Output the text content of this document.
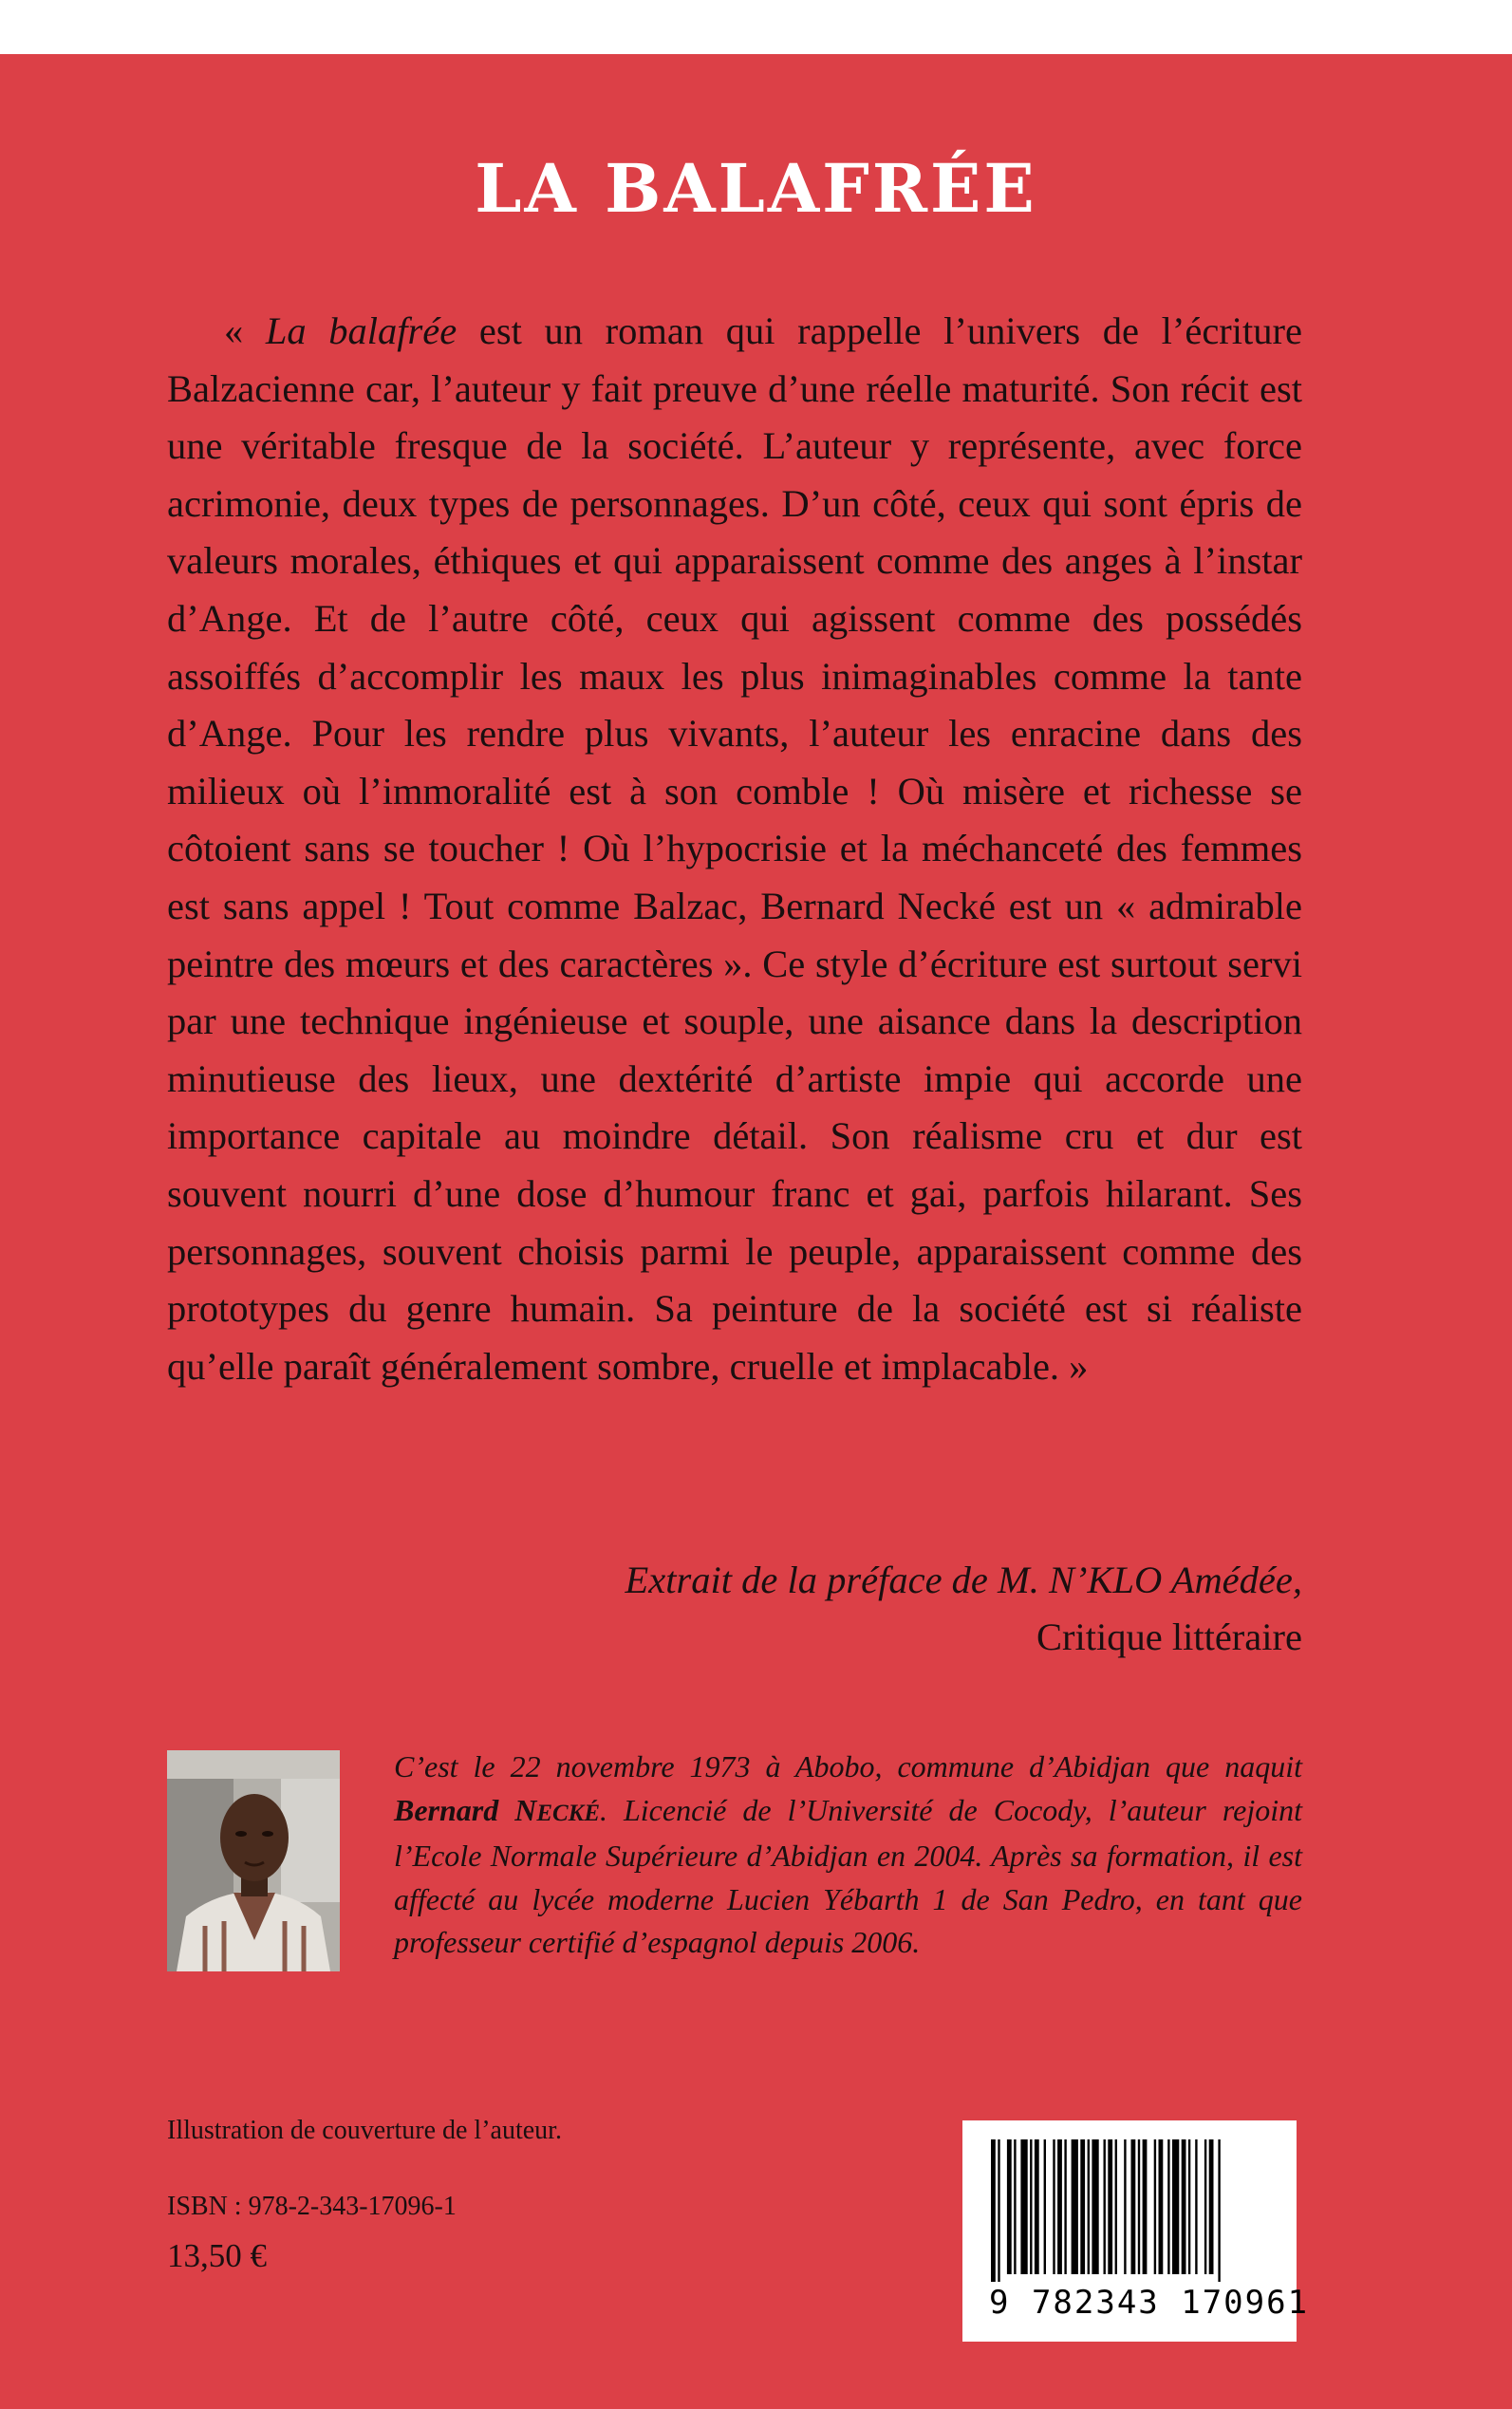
LA BALAFRÉE

« La balafrée est un roman qui rappelle l’univers de l’écriture Balzacienne car, l’auteur y fait preuve d’une réelle maturité. Son récit est une véritable fresque de la société. L’auteur y représente, avec force acrimonie, deux types de personnages. D’un côté, ceux qui sont épris de valeurs morales, éthiques et qui apparaissent comme des anges à l’instar d’Ange. Et de l’autre côté, ceux qui agissent comme des possédés assoiffés d’accomplir les maux les plus inimaginables comme la tante d’Ange. Pour les rendre plus vivants, l’auteur les enracine dans des milieux où l’immoralité est à son comble ! Où misère et richesse se côtoient sans se toucher ! Où l’hypocrisie et la méchanceté des femmes est sans appel ! Tout comme Balzac, Bernard Necké est un « admirable peintre des mœurs et des caractères ». Ce style d’écriture est surtout servi par une technique ingénieuse et souple, une aisance dans la description minutieuse des lieux, une dextérité d’artiste impie qui accorde une importance capitale au moindre détail. Son réalisme cru et dur est souvent nourri d’une dose d’humour franc et gai, parfois hilarant. Ses personnages, souvent choisis parmi le peuple, apparaissent comme des prototypes du genre humain. Sa peinture de la société est si réaliste qu’elle paraît généralement sombre, cruelle et implacable. »

Extrait de la préface de M. N’KLO Amédée,
Critique littéraire

C’est le 22 novembre 1973 à Abobo, commune d’Abidjan que naquit Bernard NECKÉ. Licencié de l’Université de Cocody, l’auteur rejoint l’Ecole Normale Supérieure d’Abidjan en 2004. Après sa formation, il est affecté au lycée moderne Lucien Yébarth 1 de San Pedro, en tant que professeur certifié d’espagnol depuis 2006.

Illustration de couverture de l’auteur.
ISBN : 978-2-343-17096-1
13,50 €
9 782343 170961
